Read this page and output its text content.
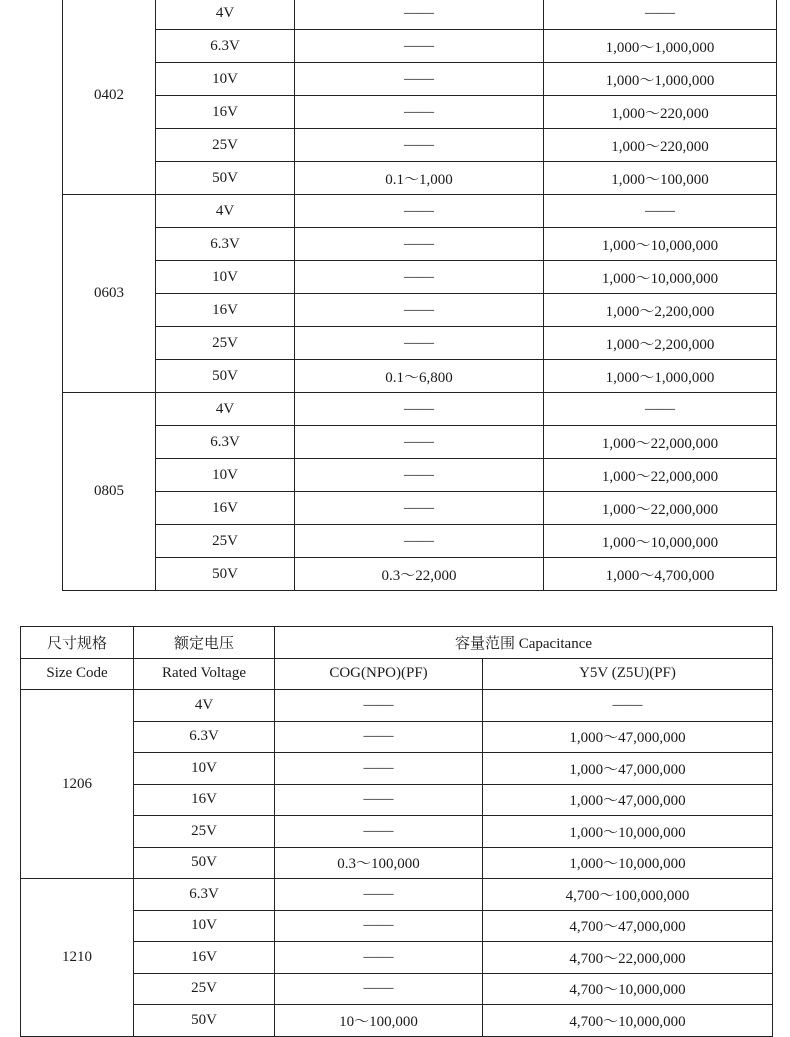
0402	4V	——	——
	6.3V	——	1,000～1,000,000
	10V	——	1,000～1,000,000
	16V	——	1,000～220,000
	25V	——	1,000～220,000
	50V	0.1～1,000	1,000～100,000
0603	4V	——	——
	6.3V	——	1,000～10,000,000
	10V	——	1,000～10,000,000
	16V	——	1,000～2,200,000
	25V	——	1,000～2,200,000
	50V	0.1～6,800	1,000～1,000,000
0805	4V	——	——
	6.3V	——	1,000～22,000,000
	10V	——	1,000～22,000,000
	16V	——	1,000～22,000,000
	25V	——	1,000～10,000,000
	50V	0.3～22,000	1,000～4,700,000
尺寸规格	额定电压	容量范围 Capacitance	
Size Code	Rated Voltage	COG(NPO)(PF)	Y5V (Z5U)(PF)
1206	4V	——	——
	6.3V	——	1,000～47,000,000
	10V	——	1,000～47,000,000
	16V	——	1,000～47,000,000
	25V	——	1,000～10,000,000
	50V	0.3～100,000	1,000～10,000,000
1210	6.3V	——	4,700～100,000,000
	10V	——	4,700～47,000,000
	16V	——	4,700～22,000,000
	25V	——	4,700～10,000,000
	50V	10～100,000	4,700～10,000,000
